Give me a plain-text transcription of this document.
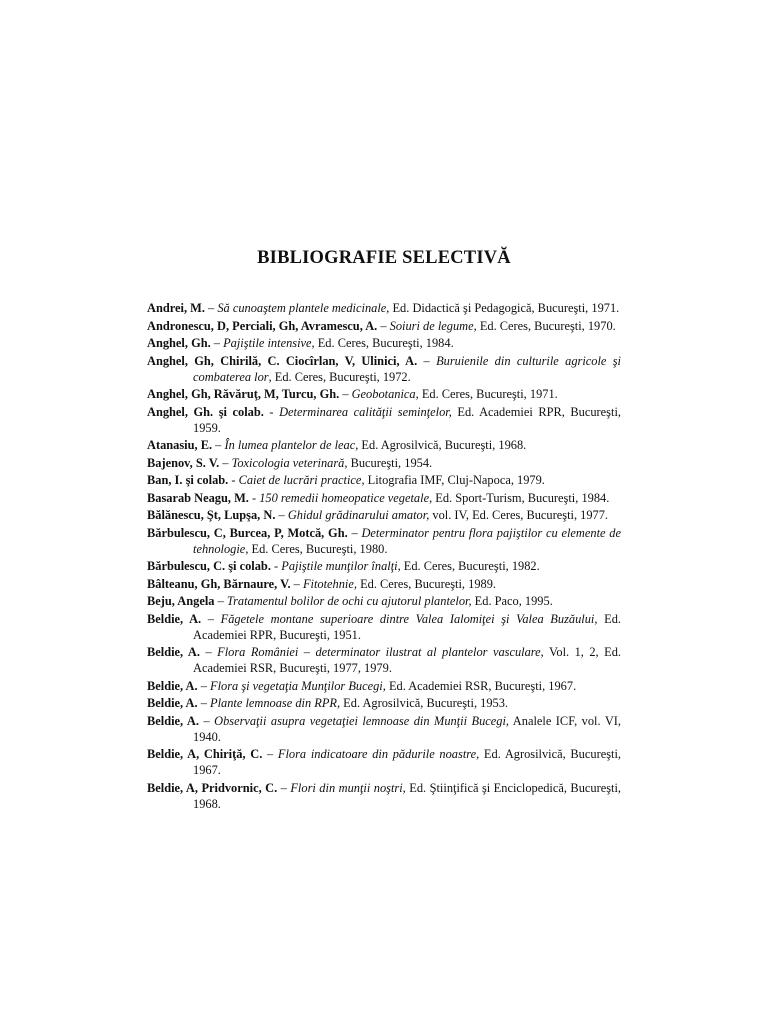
BIBLIOGRAFIE SELECTIVĂ
Andrei, M. – Să cunoaştem plantele medicinale, Ed. Didactică şi Pedagogică, Bucureşti, 1971.
Andronescu, D, Perciali, Gh, Avramescu, A. – Soiuri de legume, Ed. Ceres, Bucureşti, 1970.
Anghel, Gh. – Pajiştile intensive, Ed. Ceres, Bucureşti, 1984.
Anghel, Gh, Chirilă, C. Ciocîrlan, V, Ulinici, A. – Buruienile din culturile agricole şi combaterea lor, Ed. Ceres, Bucureşti, 1972.
Anghel, Gh, Răvăruţ, M, Turcu, Gh. – Geobotanica, Ed. Ceres, Bucureşti, 1971.
Anghel, Gh. şi colab. - Determinarea calităţii seminţelor, Ed. Academiei RPR, Bucureşti, 1959.
Atanasiu, E. – În lumea plantelor de leac, Ed. Agrosilvică, Bucureşti, 1968.
Bajenov, S. V. – Toxicologia veterinară, Bucureşti, 1954.
Ban, I. şi colab. - Caiet de lucrări practice, Litografia IMF, Cluj-Napoca, 1979.
Basarab Neagu, M. - 150 remedii homeopatice vegetale, Ed. Sport-Turism, Bucureşti, 1984.
Bălănescu, Şt, Lupşa, N. – Ghidul grădinarului amator, vol. IV, Ed. Ceres, Bucureşti, 1977.
Bărbulescu, C, Burcea, P, Motcă, Gh. – Determinator pentru flora pajiştilor cu elemente de tehnologie, Ed. Ceres, Bucureşti, 1980.
Bărbulescu, C. şi colab. - Pajiştile munţilor înalţi, Ed. Ceres, Bucureşti, 1982.
Bâlteanu, Gh, Bărnaure, V. – Fitotehnie, Ed. Ceres, Bucureşti, 1989.
Beju, Angela – Tratamentul bolilor de ochi cu ajutorul plantelor, Ed. Paco, 1995.
Beldie, A. – Făgetele montane superioare dintre Valea Ialomiţei şi Valea Buzăului, Ed. Academiei RPR, Bucureşti, 1951.
Beldie, A. – Flora României – determinator ilustrat al plantelor vasculare, Vol. 1, 2, Ed. Academiei RSR, Bucureşti, 1977, 1979.
Beldie, A. – Flora şi vegetaţia Munţilor Bucegi, Ed. Academiei RSR, Bucureşti, 1967.
Beldie, A. – Plante lemnoase din RPR, Ed. Agrosilvică, Bucureşti, 1953.
Beldie, A. – Observaţii asupra vegetaţiei lemnoase din Munţii Bucegi, Analele ICF, vol. VI, 1940.
Beldie, A, Chiriţă, C. – Flora indicatoare din pădurile noastre, Ed. Agrosilvică, Bucureşti, 1967.
Beldie, A, Pridvornic, C. – Flori din munţii noştri, Ed. Ştiinţifică şi Enciclopedică, Bucureşti, 1968.
